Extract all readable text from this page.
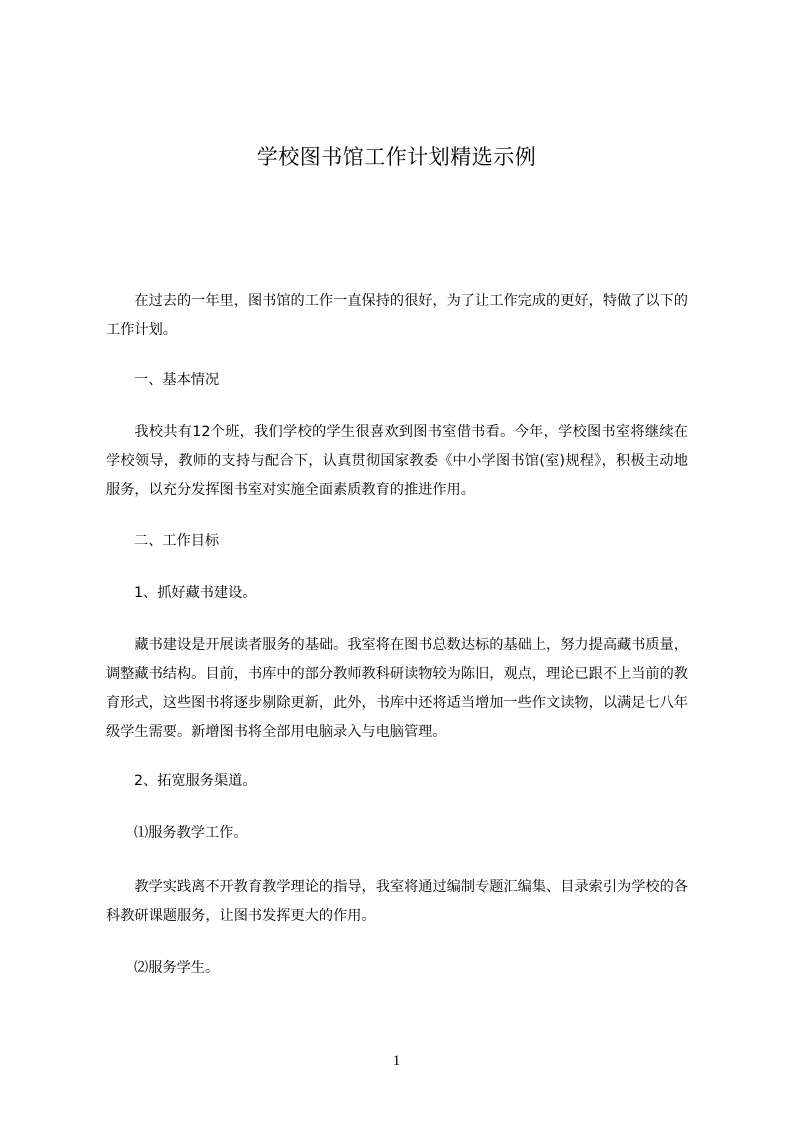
学校图书馆工作计划精选示例
在过去的一年里，图书馆的工作一直保持的很好，为了让工作完成的更好，特做了以下的工作计划。
一、基本情况
我校共有12个班，我们学校的学生很喜欢到图书室借书看。今年，学校图书室将继续在学校领导，教师的支持与配合下，认真贯彻国家教委《中小学图书馆(室)规程》，积极主动地服务，以充分发挥图书室对实施全面素质教育的推进作用。
二、工作目标
1、抓好藏书建设。
藏书建设是开展读者服务的基础。我室将在图书总数达标的基础上，努力提高藏书质量，调整藏书结构。目前，书库中的部分教师教科研读物较为陈旧，观点，理论已跟不上当前的教育形式，这些图书将逐步剔除更新，此外，书库中还将适当增加一些作文读物，以满足七八年级学生需要。新增图书将全部用电脑录入与电脑管理。
2、拓宽服务渠道。
⑴服务教学工作。
教学实践离不开教育教学理论的指导，我室将通过编制专题汇编集、目录索引为学校的各科教研课题服务，让图书发挥更大的作用。
⑵服务学生。
1
